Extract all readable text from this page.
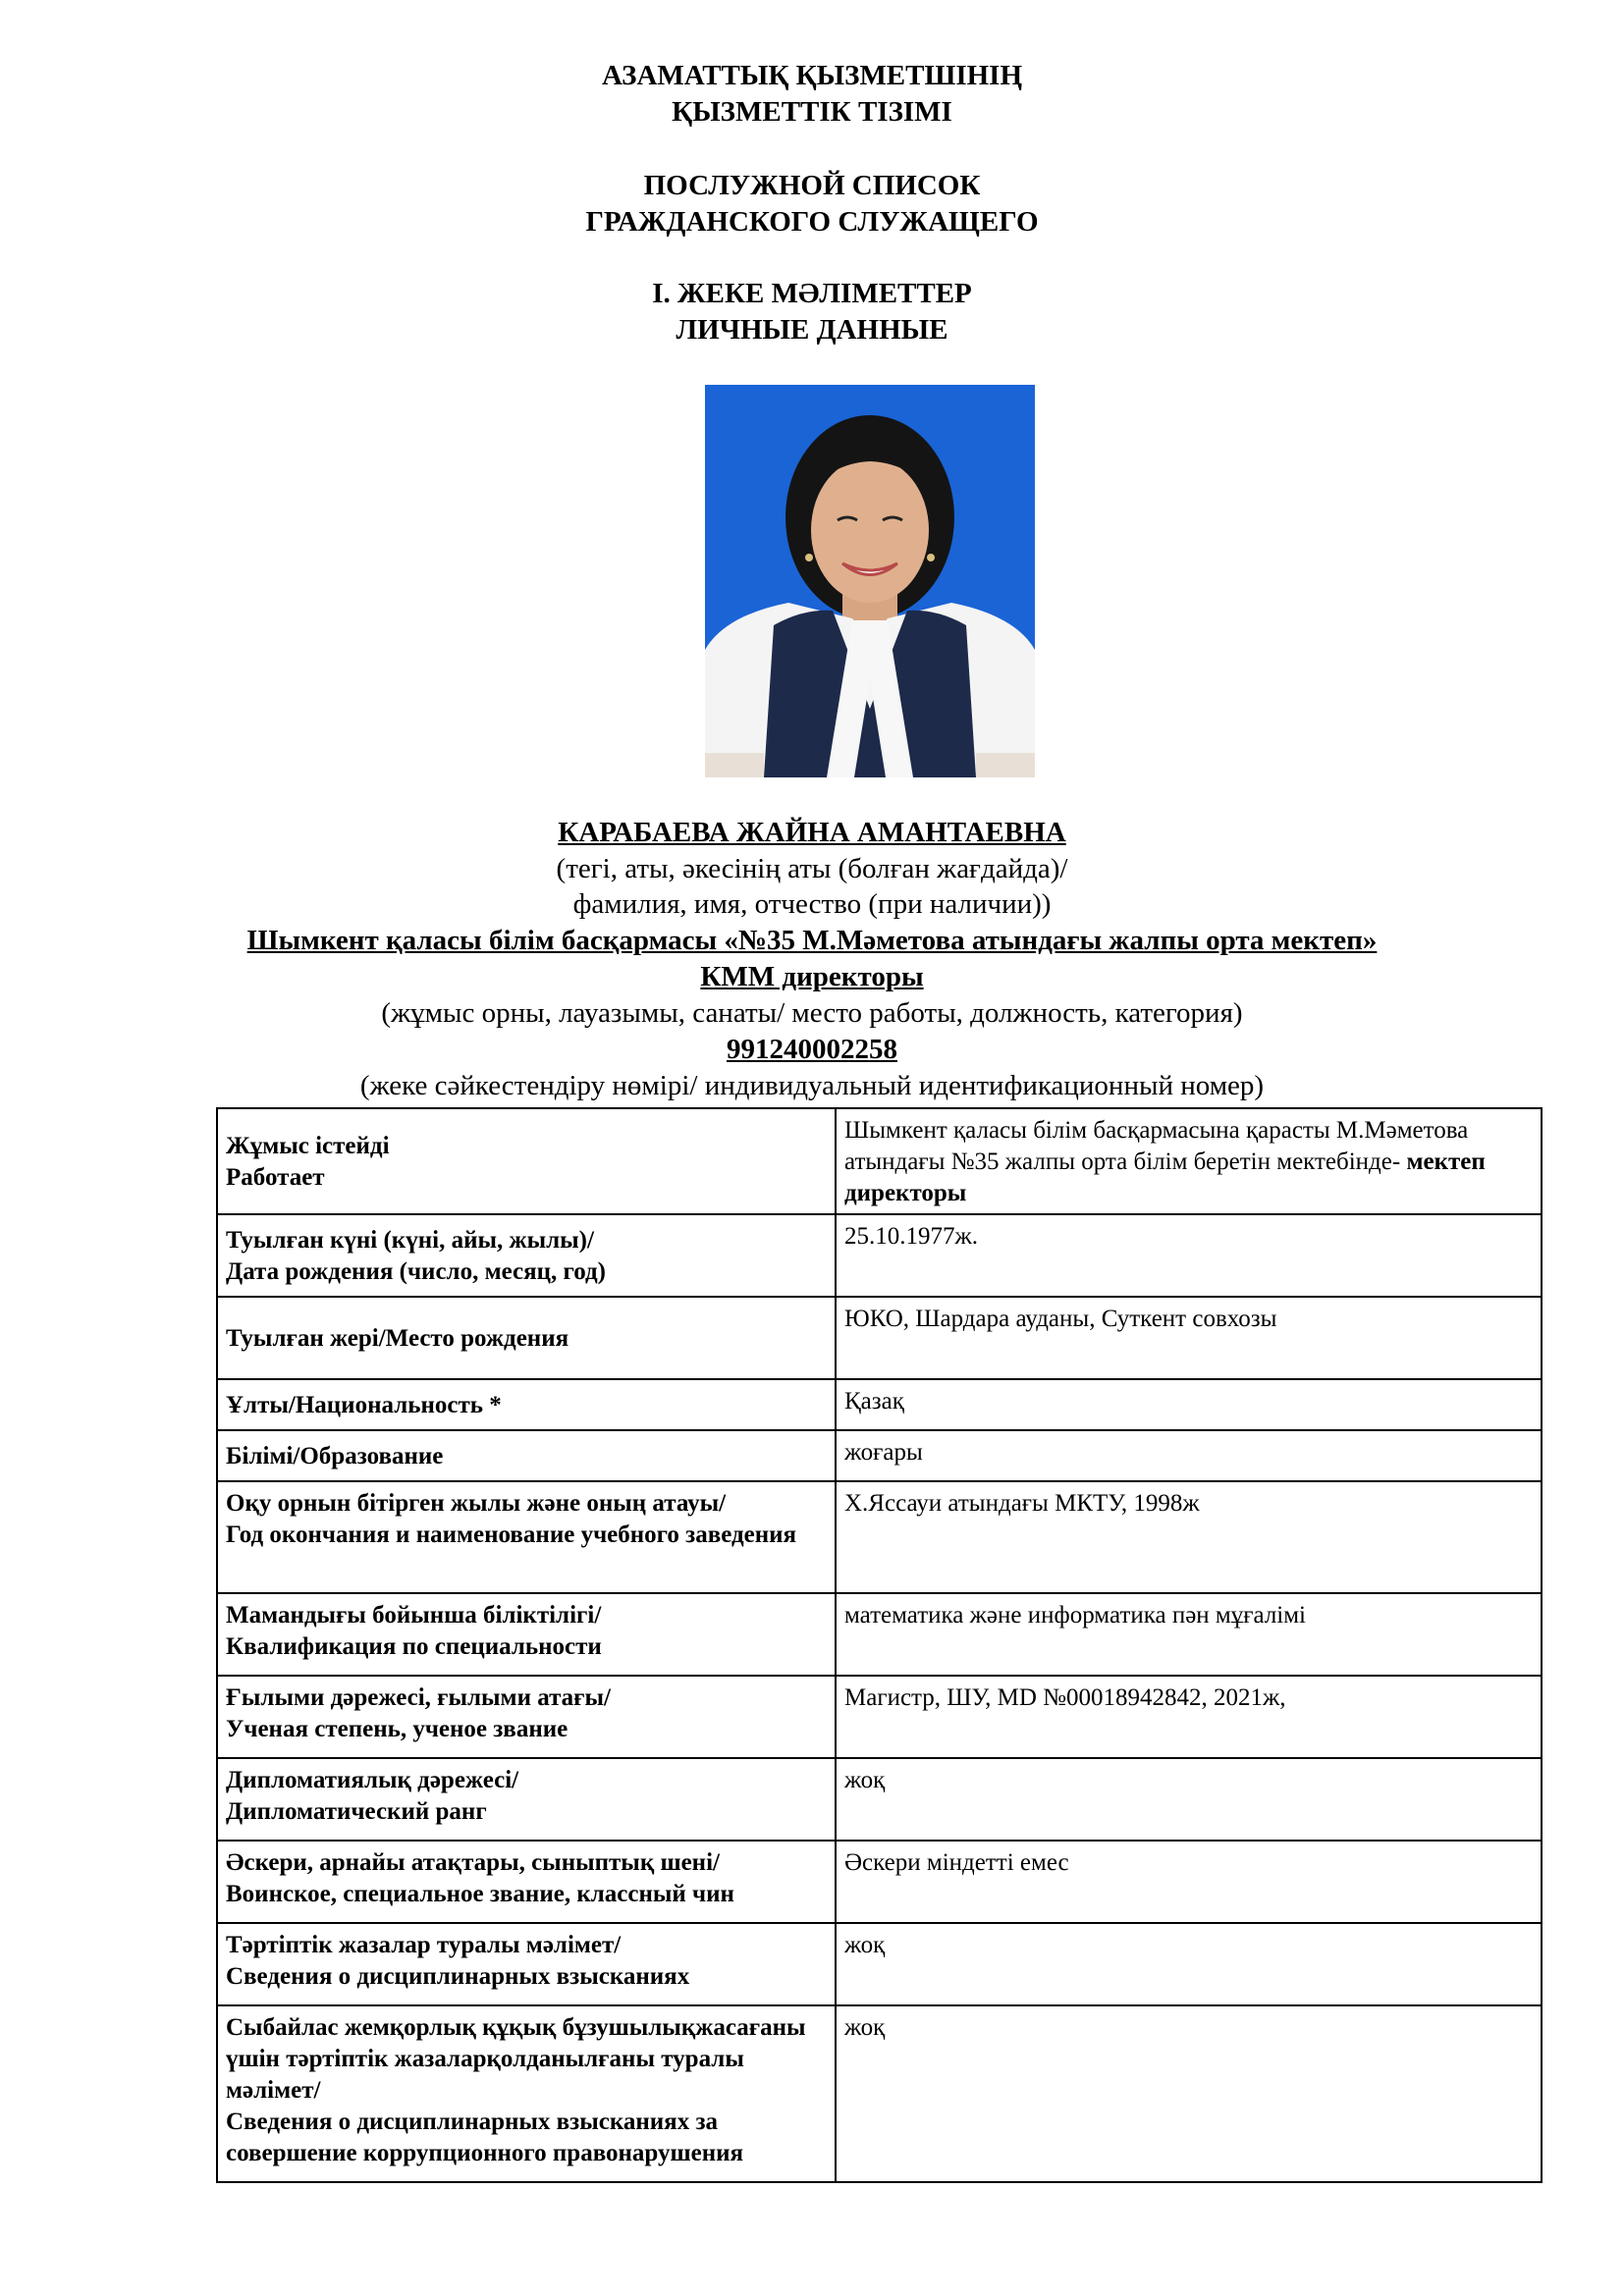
АЗАМАТТЫҚ ҚЫЗМЕТШІНІҢ
ҚЫЗМЕТТІК ТІЗІМІ
ПОСЛУЖНОЙ СПИСОК
ГРАЖДАНСКОГО СЛУЖАЩЕГО
I. ЖЕКЕ МӘЛІМЕТТЕР
ЛИЧНЫЕ ДАННЫЕ
КАРАБАЕВА ЖАЙНА АМАНТАЕВНА
(тегі, аты, әкесінің аты (болған жағдайда)/
фамилия, имя, отчество (при наличии))
Шымкент қаласы білім басқармасы «№35 М.Мәметова атындағы жалпы орта мектеп»
КММ директоры
(жұмыс орны, лауазымы, санаты/ место работы, должность, категория)
991240002258
(жеке сәйкестендіру нөмірі/ индивидуальный идентификационный номер)
Жұмыс істейді
Работает	Шымкент қаласы білім басқармасына қарасты М.Мәметова атындағы №35 жалпы орта білім беретін мектебінде- мектеп директоры

Туылған күні (күні, айы, жылы)/
Дата рождения (число, месяц, год)	25.10.1977ж.

Туылған жері/Место рождения	ЮКО, Шардара ауданы, Суткент совхозы

Ұлты/Национальность *	Қазақ

Білімі/Образование	жоғары

Оқу орнын бітірген жылы және оның атауы/
Год окончания и наименование учебного заведения	Х.Яссауи атындағы МКТУ, 1998ж

Мамандығы бойынша біліктілігі/
Квалификация по специальности	математика және информатика пән мұғалімі

Ғылыми дәрежесі, ғылыми атағы/
Ученая степень, ученое звание	Магистр, ШУ, MD №00018942842, 2021ж,

Дипломатиялық дәрежесі/
Дипломатический ранг	жоқ

Әскери, арнайы атақтары, сыныптық шені/
Воинское, специальное звание, классный чин	Әскери міндетті емес

Тәртіптік жазалар туралы мәлімет/
Сведения о дисциплинарных взысканиях	жоқ

Сыбайлас жемқорлық құқық бұзушылықжасағаны үшін тәртіптік жазаларқолданылғаны туралы мәлімет/
Сведения о дисциплинарных взысканиях за совершение коррупционного правонарушения	жоқ
